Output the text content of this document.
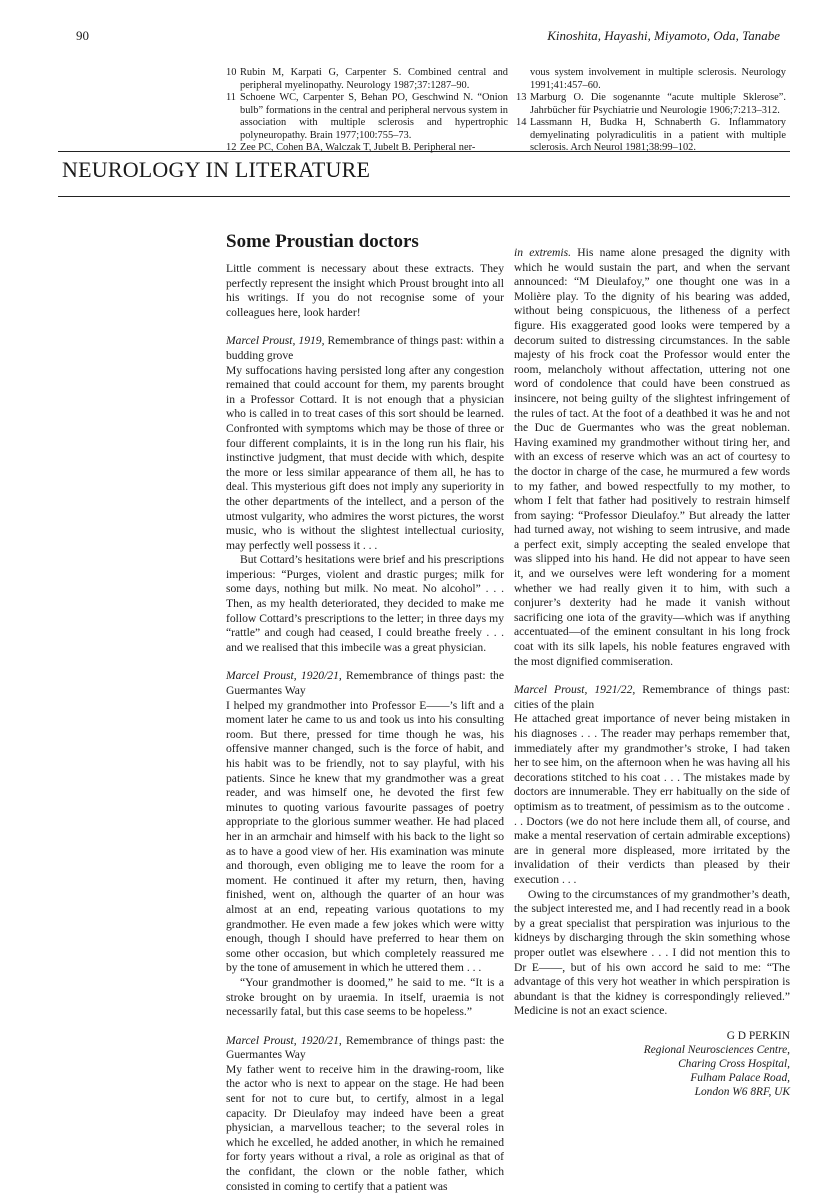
90	Kinoshita, Hayashi, Miyamoto, Oda, Tanabe
10 Rubin M, Karpati G, Carpenter S. Combined central and peripheral myelinopathy. Neurology 1987;37:1287–90.
11 Schoene WC, Carpenter S, Behan PO, Geschwind N. “Onion bulb” formations in the central and peripheral nervous system in association with multiple sclerosis and hypertrophic polyneuropathy. Brain 1977;100:755–73.
12 Zee PC, Cohen BA, Walczak T, Jubelt B. Peripheral ner-
vous system involvement in multiple sclerosis. Neurology 1991;41:457–60.
13 Marburg O. Die sogenannte “acute multiple Sklerose”. Jahrbücher für Psychiatrie und Neurologie 1906;7:213–312.
14 Lassmann H, Budka H, Schnaberth G. Inflammatory demyelinating polyradiculitis in a patient with multiple sclerosis. Arch Neurol 1981;38:99–102.
NEUROLOGY IN LITERATURE
Some Proustian doctors

Little comment is necessary about these extracts. They perfectly represent the insight which Proust brought into all his writings. If you do not recognise some of your colleagues here, look harder!

Marcel Proust, 1919, Remembrance of things past: within a budding grove

My suffocations having persisted long after any congestion remained that could account for them, my parents brought in a Professor Cottard. It is not enough that a physician who is called in to treat cases of this sort should be learned. Confronted with symptoms which may be those of three or four different complaints, it is in the long run his flair, his instinctive judgment, that must decide with which, despite the more or less similar appearance of them all, he has to deal. This mysterious gift does not imply any superiority in the other departments of the intellect, and a person of the utmost vulgarity, who admires the worst pictures, the worst music, who is without the slightest intellectual curiosity, may perfectly well possess it . . .

But Cottard’s hesitations were brief and his prescriptions imperious: “Purges, violent and drastic purges; milk for some days, nothing but milk. No meat. No alcohol” . . . Then, as my health deteriorated, they decided to make me follow Cottard’s prescriptions to the letter; in three days my “rattle” and cough had ceased, I could breathe freely . . . and we realised that this imbecile was a great physician.

Marcel Proust, 1920/21, Remembrance of things past: the Guermantes Way

I helped my grandmother into Professor E——’s lift and a moment later he came to us and took us into his consulting room. But there, pressed for time though he was, his offensive manner changed, such is the force of habit, and his habit was to be friendly, not to say playful, with his patients. Since he knew that my grandmother was a great reader, and was himself one, he devoted the first few minutes to quoting various favourite passages of poetry appropriate to the glorious summer weather. He had placed her in an armchair and himself with his back to the light so as to have a good view of her. His examination was minute and thorough, even obliging me to leave the room for a moment. He continued it after my return, then, having finished, went on, although the quarter of an hour was almost at an end, repeating various quotations to my grandmother. He even made a few jokes which were witty enough, though I should have preferred to hear them on some other occasion, but which completely reassured me by the tone of amusement in which he uttered them . . .

“Your grandmother is doomed,” he said to me. “It is a stroke brought on by uraemia. In itself, uraemia is not necessarily fatal, but this case seems to be hopeless.”

Marcel Proust, 1920/21, Remembrance of things past: the Guermantes Way

My father went to receive him in the drawing-room, like the actor who is next to appear on the stage. He had been sent for not to cure but, to certify, almost in a legal capacity. Dr Dieulafoy may indeed have been a great physician, a marvellous teacher; to the several roles in which he excelled, he added another, in which he remained for forty years without a rival, a role as original as that of the confidant, the clown or the noble father, which consisted in coming to certify that a patient was

in extremis. His name alone presaged the dignity with which he would sustain the part, and when the servant announced: “M Dieulafoy,” one thought one was in a Molière play. To the dignity of his bearing was added, without being conspicuous, the litheness of a perfect figure. His exaggerated good looks were tempered by a decorum suited to distressing circumstances. In the sable majesty of his frock coat the Professor would enter the room, melancholy without affectation, uttering not one word of condolence that could have been construed as insincere, not being guilty of the slightest infringement of the rules of tact. At the foot of a deathbed it was he and not the Duc de Guermantes who was the great nobleman. Having examined my grandmother without tiring her, and with an excess of reserve which was an act of courtesy to the doctor in charge of the case, he murmured a few words to my father, and bowed respectfully to my mother, to whom I felt that father had positively to restrain himself from saying: “Professor Dieulafoy.” But already the latter had turned away, not wishing to seem intrusive, and made a perfect exit, simply accepting the sealed envelope that was slipped into his hand. He did not appear to have seen it, and we ourselves were left wondering for a moment whether we had really given it to him, with such a conjurer’s dexterity had he made it vanish without sacrificing one iota of the gravity—which was if anything accentuated—of the eminent consultant in his long frock coat with its silk lapels, his noble features engraved with the most dignified commiseration.

Marcel Proust, 1921/22, Remembrance of things past: cities of the plain

He attached great importance of never being mistaken in his diagnoses . . . The reader may perhaps remember that, immediately after my grandmother’s stroke, I had taken her to see him, on the afternoon when he was having all his decorations stitched to his coat . . . The mistakes made by doctors are innumerable. They err habitually on the side of optimism as to treatment, of pessimism as to the outcome . . . Doctors (we do not here include them all, of course, and make a mental reservation of certain admirable exceptions) are in general more displeased, more irritated by the invalidation of their verdicts than pleased by their execution . . .

Owing to the circumstances of my grandmother’s death, the subject interested me, and I had recently read in a book by a great specialist that perspiration was injurious to the kidneys by discharging through the skin something whose proper outlet was elsewhere . . . I did not mention this to Dr E——, but of his own accord he said to me: “The advantage of this very hot weather in which perspiration is abundant is that the kidney is correspondingly relieved.” Medicine is not an exact science.

G D PERKIN
Regional Neurosciences Centre,
Charing Cross Hospital,
Fulham Palace Road,
London W6 8RF, UK
